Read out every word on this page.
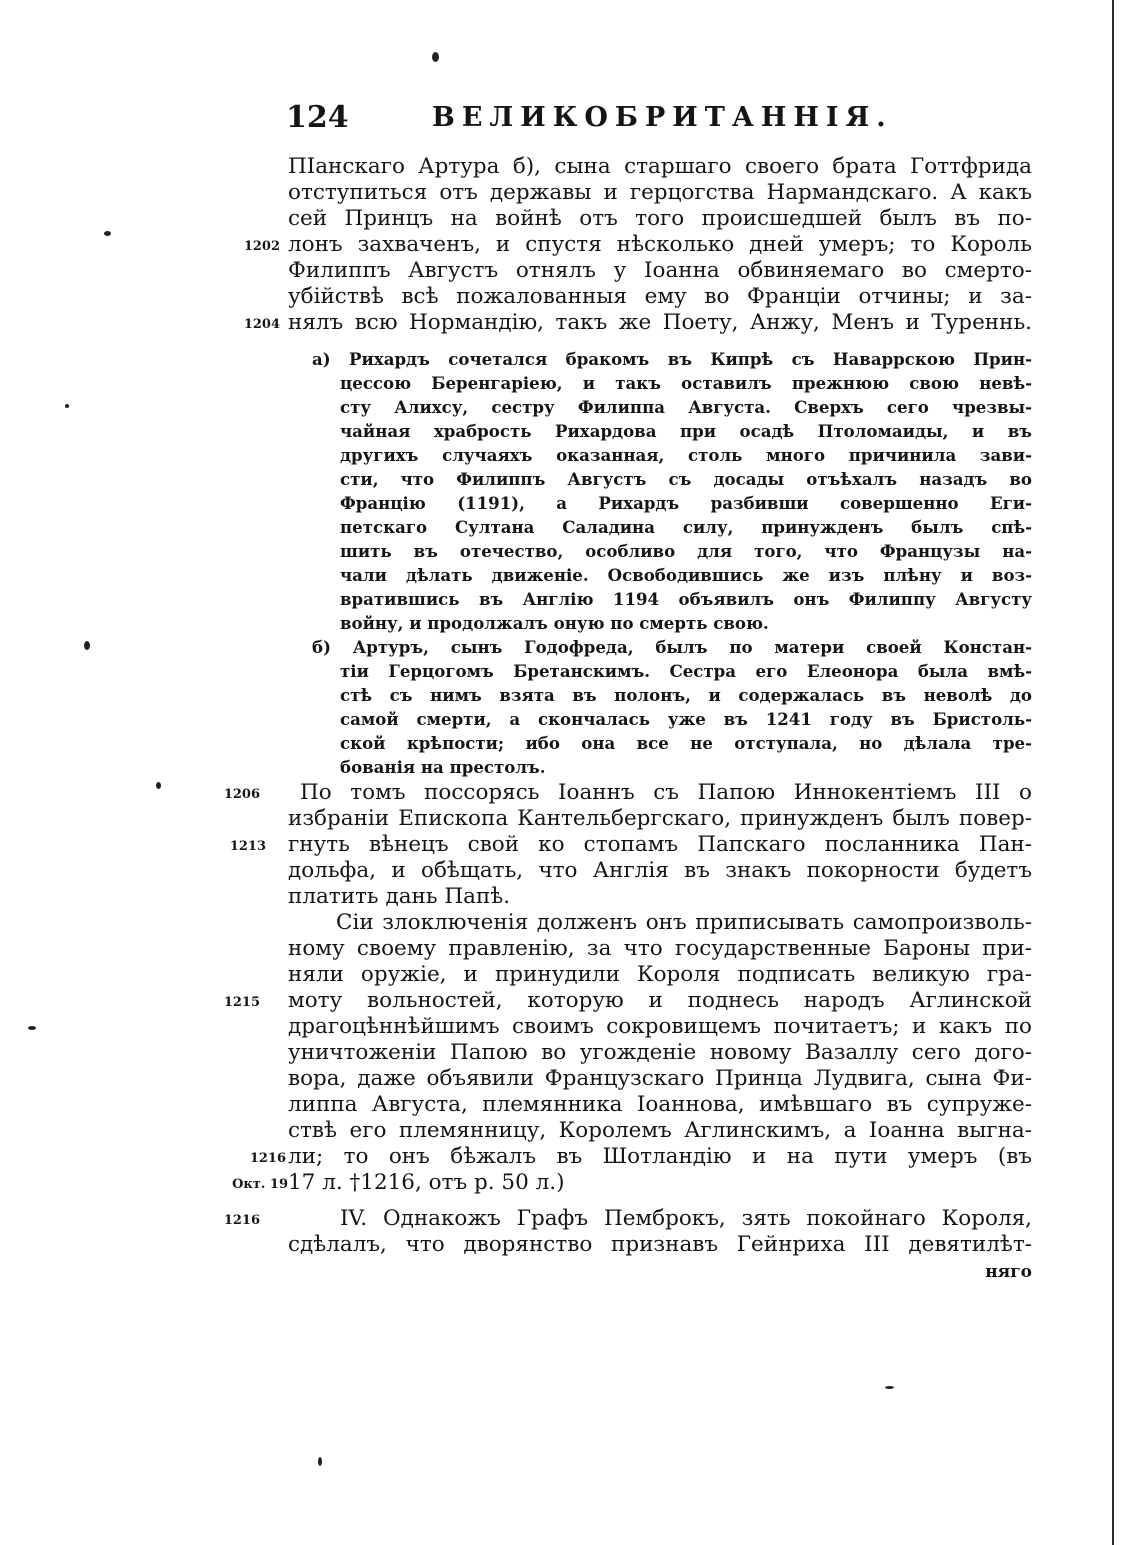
124	ВЕЛИКОБРИТАННІЯ.
ПІанскаго Артура б), сына старшаго своего брата Готтфрида
отступиться отъ державы и герцогства Нармандскаго. А какъ
сей Принцъ на войнѣ отъ того происшедшей былъ въ по-
лонъ захваченъ, и спустя нѣсколько дней умеръ; то Король
Филиппъ Августъ отнялъ у Іоанна обвиняемаго во смерто-
убійствѣ всѣ пожалованныя ему во Франціи отчины; и за-
нялъ всю Нормандію, такъ же Поету, Анжу, Менъ и Туреннь.
а) Рихардъ сочетался бракомъ въ Кипрѣ съ Наваррскою Прин-
цессою Беренгаріею, и такъ оставилъ прежнюю свою невѣ-
сту Алихсу, сестру Филиппа Августа. Сверхъ сего чрезвы-
чайная храбрость Рихардова при осадѣ Птоломаиды, и въ
другихъ случаяхъ оказанная, столь много причинила зави-
сти, что Филиппъ Августъ съ досады отъѣхалъ назадъ во
Францію (1191), а Рихардъ разбивши совершенно Еги-
петскаго Султана Саладина силу, принужденъ былъ спѣ-
шить въ отечество, особливо для того, что Французы на-
чали дѣлать движеніе. Освободившись же изъ плѣну и воз-
вратившись въ Англію 1194 объявилъ онъ Филиппу Августу
войну, и продолжалъ оную по смерть свою.
б) Артуръ, сынъ Годофреда, былъ по матери своей Констан-
тіи Герцогомъ Бретанскимъ. Сестра его Елеонора была вмѣ-
стѣ съ нимъ взята въ полонъ, и содержалась въ неволѣ до
самой смерти, а скончалась уже въ 1241 году въ Бристоль-
ской крѣпости; ибо она все не отступала, но дѣлала тре-
бованія на престолъ.
По томъ поссорясь Іоаннъ съ Папою Иннокентіемъ III о
избраніи Епископа Кантельбергскаго, принужденъ былъ повер-
гнуть вѣнецъ свой ко стопамъ Папскаго посланника Пан-
дольфа, и обѣщать, что Англія въ знакъ покорности будетъ
платить дань Папѣ.
Сіи злоключенія долженъ онъ приписывать самопроизволь-
ному своему правленію, за что государственные Бароны при-
няли оружіе, и принудили Короля подписать великую гра-
моту вольностей, которую и поднесь народъ Аглинской
драгоцѣннѣйшимъ своимъ сокровищемъ почитаетъ; и какъ по
уничтоженіи Папою во угожденіе новому Вазаллу сего дого-
вора, даже объявили Французскаго Принца Лудвига, сына Фи-
липпа Августа, племянника Іоаннова, имѣвшаго въ супруже-
ствѣ его племянницу, Королемъ Аглинскимъ, а Іоанна выгна-
ли; то онъ бѣжалъ въ Шотландію и на пути умеръ (въ
17 л. †1216, отъ р. 50 л.)
IV. Однакожъ Графъ Пемброкъ, зять покойнаго Короля,
сдѣлалъ, что дворянство признавъ Гейнриха III девятилѣт-
няго
1202
1204
1206
1213
1215
1216
Окт. 19
1216
